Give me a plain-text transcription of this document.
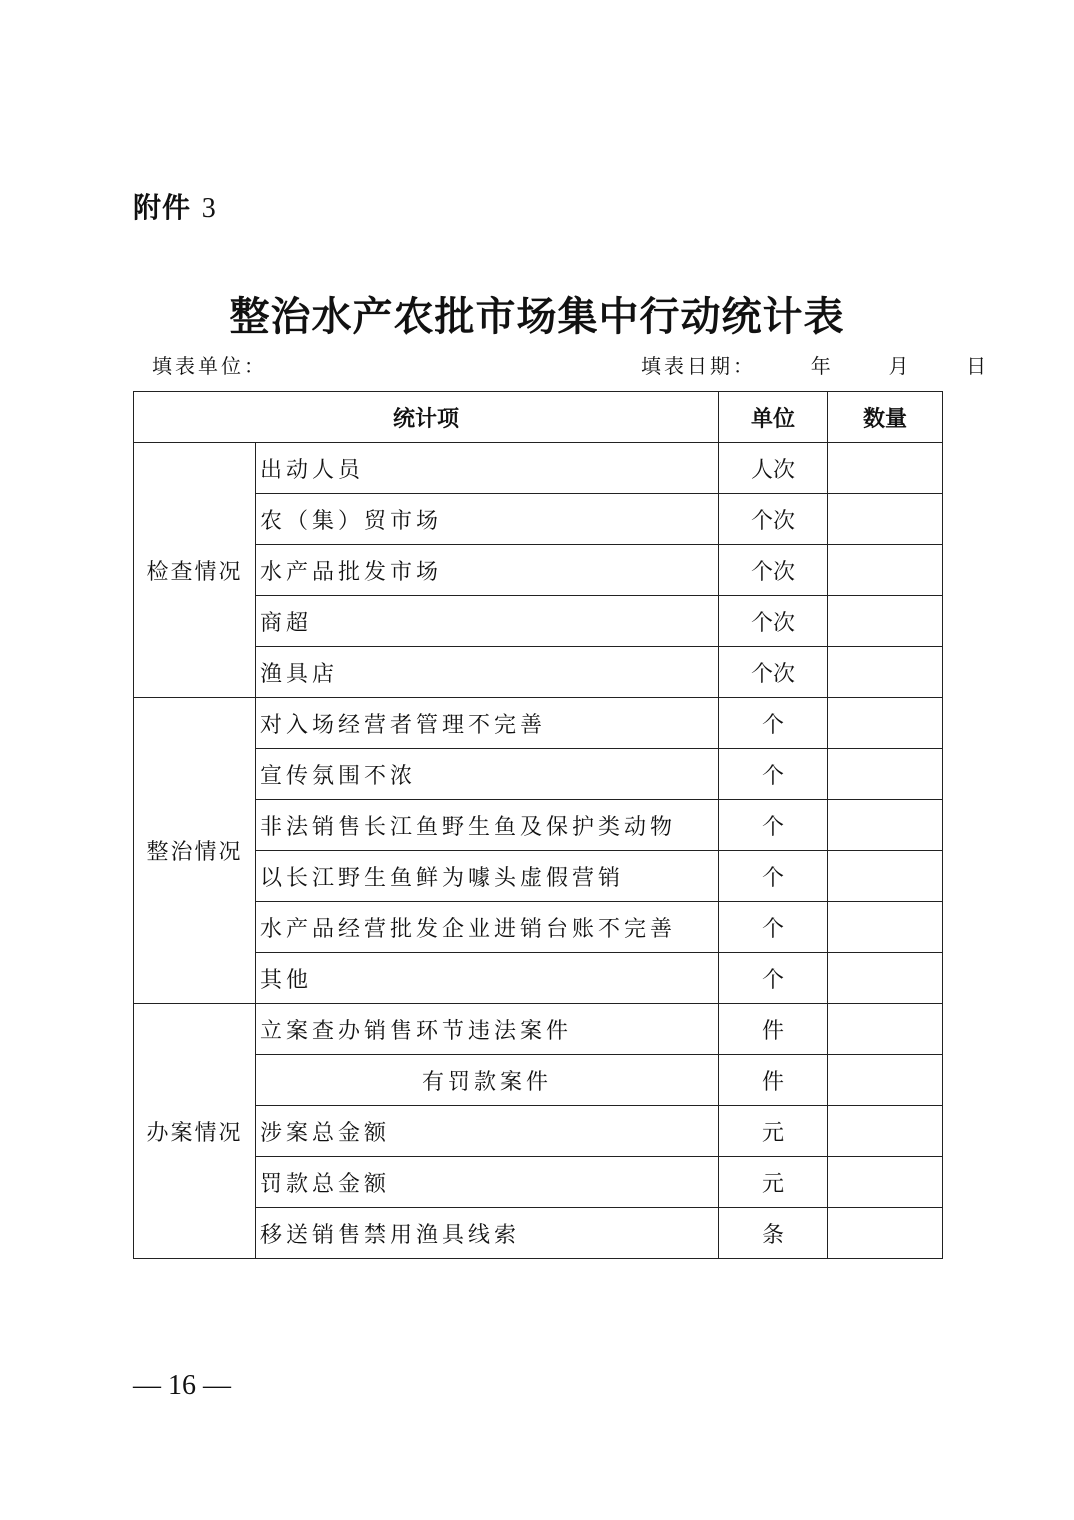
附件 3
整治水产农批市场集中行动统计表
填表单位：	填表日期：	年	月	日
统计项		单位	数量
检查情况	出动人员	人次	
	农（集）贸市场	个次	
	水产品批发市场	个次	
	商超	个次	
	渔具店	个次	
整治情况	对入场经营者管理不完善	个	
	宣传氛围不浓	个	
	非法销售长江鱼野生鱼及保护类动物	个	
	以长江野生鱼鲜为噱头虚假营销	个	
	水产品经营批发企业进销台账不完善	个	
	其他	个	
办案情况	立案查办销售环节违法案件	件	
	有罚款案件	件	
	涉案总金额	元	
	罚款总金额	元	
	移送销售禁用渔具线索	条	
— 16 —
